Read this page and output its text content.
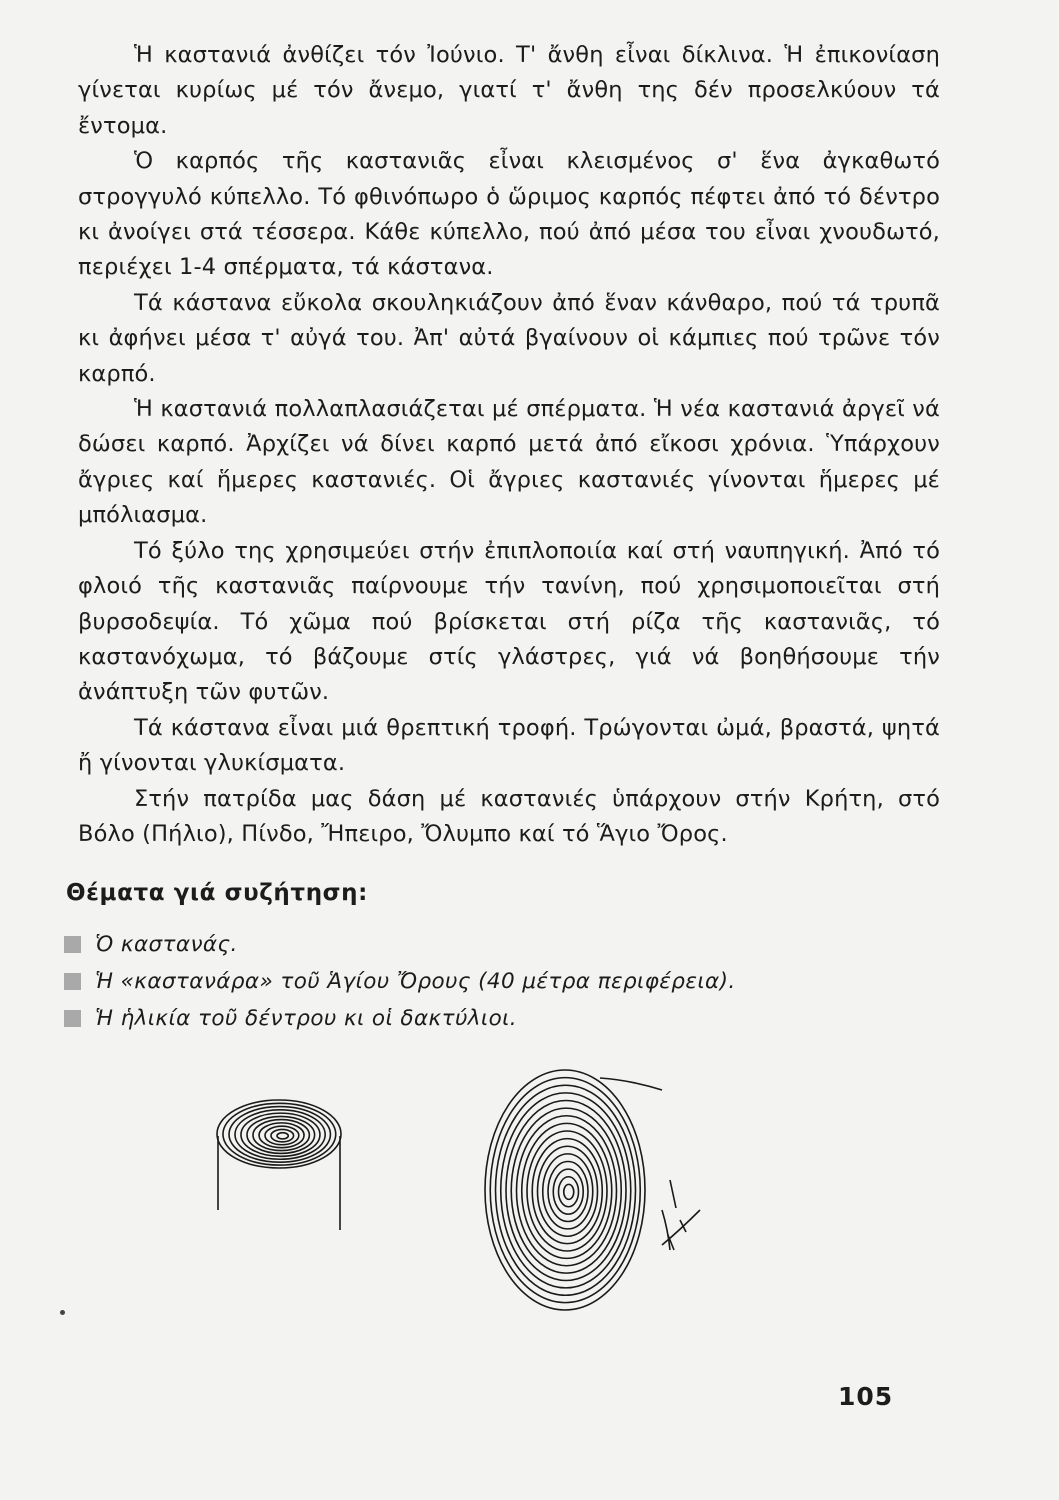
Ἡ καστανιά ἀνθίζει τόν Ἰούνιο. Τ' ἄνθη εἶναι δίκλινα. Ἡ ἐπικονίαση γίνεται κυρίως μέ τόν ἄνεμο, γιατί τ' ἄνθη της δέν προσελκύουν τά ἔντομα.

Ὁ καρπός τῆς καστανιᾶς εἶναι κλεισμένος σ' ἕνα ἀγκαθωτό στρογγυλό κύπελλο. Τό φθινόπωρο ὁ ὥριμος καρπός πέφτει ἀπό τό δέντρο κι ἀνοίγει στά τέσσερα. Κάθε κύπελλο, πού ἀπό μέσα του εἶναι χνουδωτό, περιέχει 1-4 σπέρματα, τά κάστανα.

Τά κάστανα εὔκολα σκουληκιάζουν ἀπό ἕναν κάνθαρο, πού τά τρυπᾶ κι ἀφήνει μέσα τ' αὐγά του. Ἀπ' αὐτά βγαίνουν οἱ κάμπιες πού τρῶνε τόν καρπό.

Ἡ καστανιά πολλαπλασιάζεται μέ σπέρματα. Ἡ νέα καστανιά ἀργεῖ νά δώσει καρπό. Ἀρχίζει νά δίνει καρπό μετά ἀπό εἴκοσι χρόνια. Ὑπάρχουν ἄγριες καί ἥμερες καστανιές. Οἱ ἄγριες καστανιές γίνονται ἥμερες μέ μπόλιασμα.

Τό ξύλο της χρησιμεύει στήν ἐπιπλοποιία καί στή ναυπηγική. Ἀπό τό φλοιό τῆς καστανιᾶς παίρνουμε τήν τανίνη, πού χρησιμοποιεῖται στή βυρσοδεψία. Τό χῶμα πού βρίσκεται στή ρίζα τῆς καστανιᾶς, τό καστανόχωμα, τό βάζουμε στίς γλάστρες, γιά νά βοηθήσουμε τήν ἀνάπτυξη τῶν φυτῶν.

Τά κάστανα εἶναι μιά θρεπτική τροφή. Τρώγονται ὠμά, βραστά, ψητά ἤ γίνονται γλυκίσματα.

Στήν πατρίδα μας δάση μέ καστανιές ὑπάρχουν στήν Κρήτη, στό Βόλο (Πήλιο), Πίνδο, Ἤπειρο, Ὄλυμπο καί τό Ἅγιο Ὄρος.

Θέματα γιά συζήτηση:
Ὁ καστανάς.
Ἡ «καστανάρα» τοῦ Ἁγίου Ὄρους (40 μέτρα περιφέρεια).
Ἡ ἡλικία τοῦ δέντρου κι οἱ δακτύλιοι.
105
